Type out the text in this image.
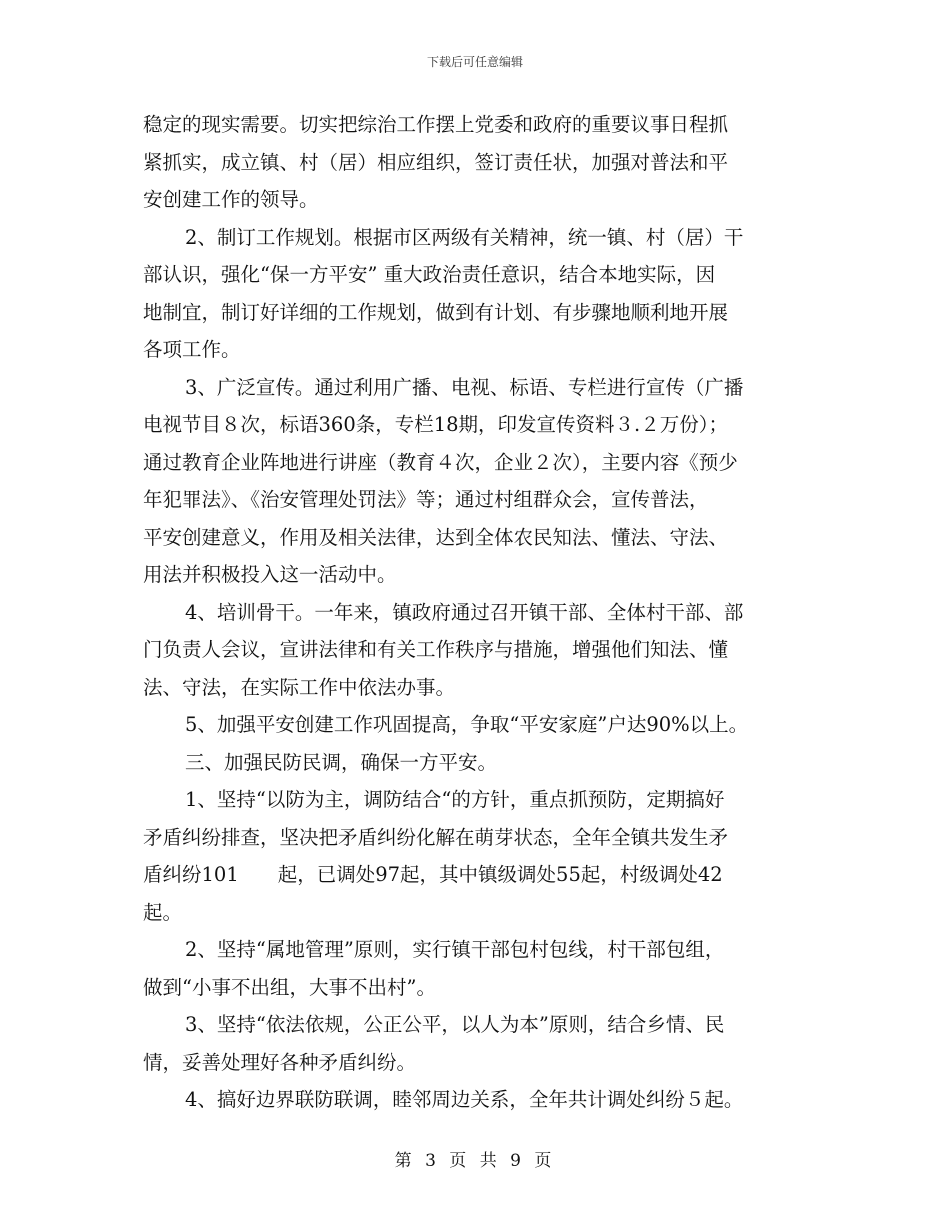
下载后可任意编辑

稳定的现实需要。切实把综治工作摆上党委和政府的重要议事日程抓
紧抓实，成立镇、村（居）相应组织，签订责任状，加强对普法和平
安创建工作的领导。

2、制订工作规划。根据市区两级有关精神，统一镇、村（居）干
部认识，强化“保一方平安” 重大政治责任意识，结合本地实际，因
地制宜，制订好详细的工作规划，做到有计划、有步骤地顺利地开展
各项工作。

3、广泛宣传。通过利用广播、电视、标语、专栏进行宣传（广播
电视节目８次，标语360条，专栏18期，印发宣传资料３.２万份）；
通过教育企业阵地进行讲座（教育４次，企业２次），主要内容《预少
年犯罪法》、《治安管理处罚法》等；通过村组群众会，宣传普法，
平安创建意义，作用及相关法律，达到全体农民知法、懂法、守法、
用法并积极投入这一活动中。

4、培训骨干。一年来，镇政府通过召开镇干部、全体村干部、部
门负责人会议，宣讲法律和有关工作秩序与措施，增强他们知法、懂
法、守法，在实际工作中依法办事。

5、加强平安创建工作巩固提高，争取“平安家庭”户达90%以上。

三、加强民防民调，确保一方平安。

1、坚持“以防为主，调防结合“的方针，重点抓预防，定期搞好
矛盾纠纷排查，坚决把矛盾纠纷化解在萌芽状态，全年全镇共发生矛
盾纠纷101　　起，已调处97起，其中镇级调处55起，村级调处42
起。

2、坚持“属地管理”原则，实行镇干部包村包线，村干部包组，
做到“小事不出组，大事不出村”。

3、坚持“依法依规，公正公平，以人为本”原则，结合乡情、民
情，妥善处理好各种矛盾纠纷。

4、搞好边界联防联调，睦邻周边关系，全年共计调处纠纷５起。

第 3 页 共 9 页
